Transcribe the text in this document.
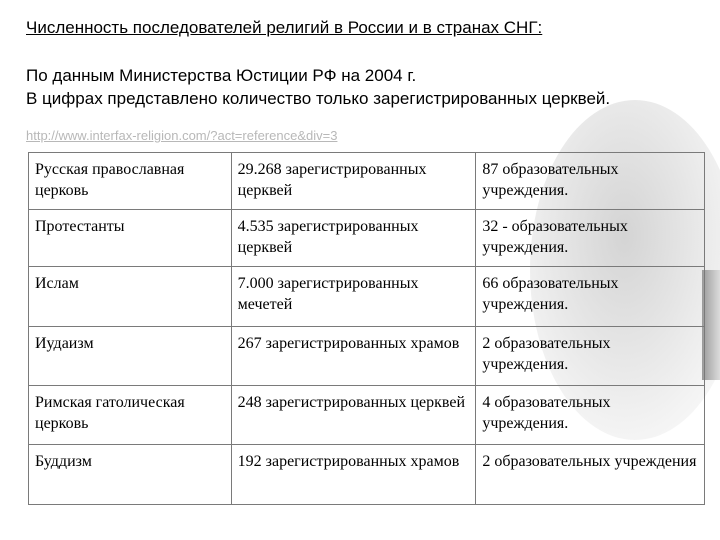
Численность последователей религий в России и в странах СНГ:
По данным Министерства Юстиции РФ на 2004 г.
В цифрах представлено количество только зарегистрированных церквей.
http://www.interfax-religion.com/?act=reference&div=3
Русская православная церковь	29.268 зарегистрированных церквей	87 образовательных учреждения.
Протестанты	4.535 зарегистрированных церквей	32 - образовательных учреждения.
Ислам	7.000 зарегистрированных мечетей	66 образовательных учреждения.
Иудаизм	267 зарегистрированных храмов	2 образовательных учреждения.
Римская гатолическая церковь	248 зарегистрированных церквей	4 образовательных учреждения.
Буддизм	192 зарегистрированных храмов	2 образовательных учреждения
